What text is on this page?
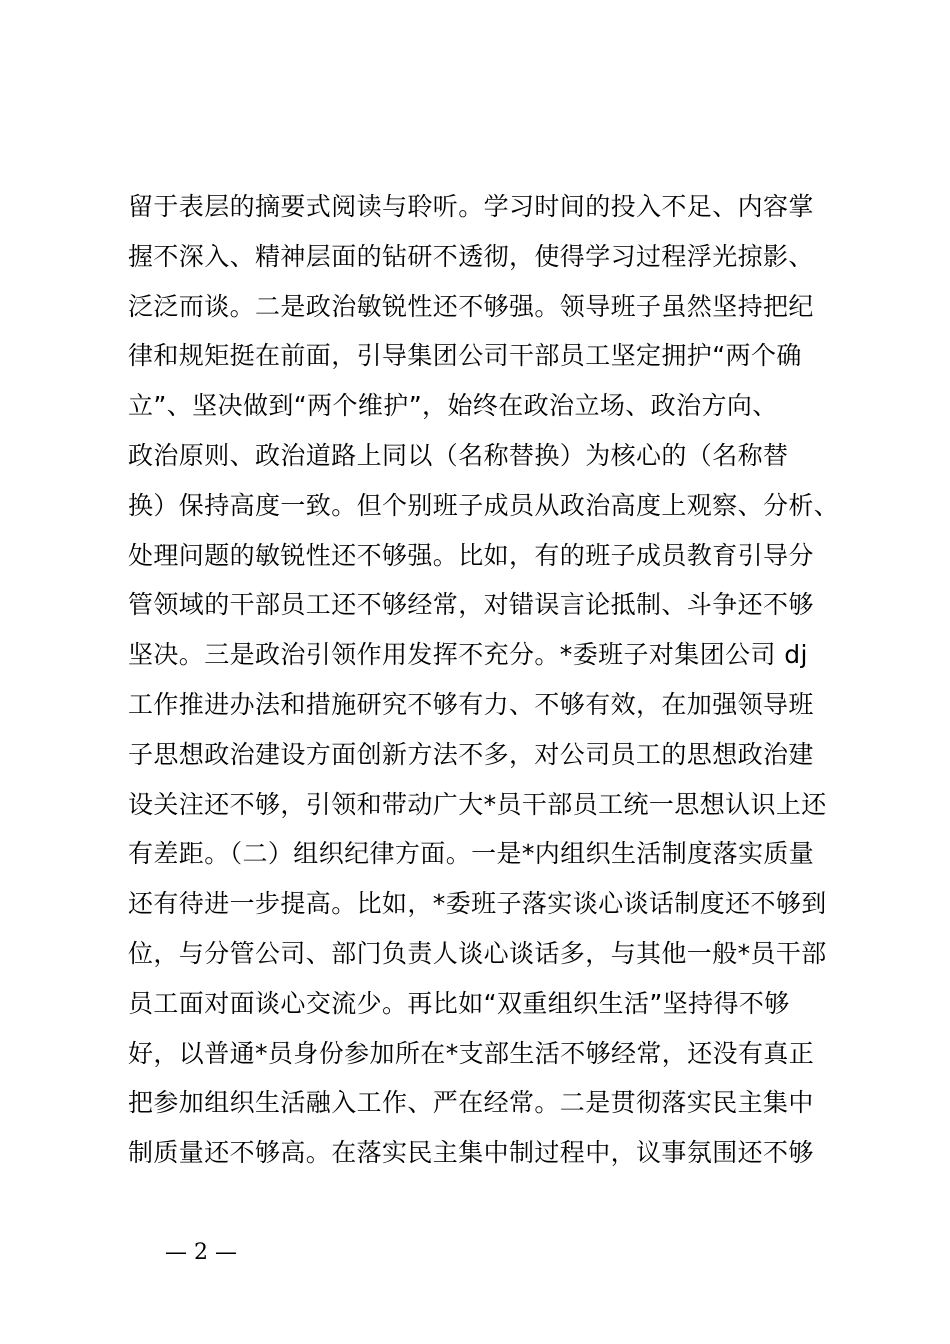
留于表层的摘要式阅读与聆听。学习时间的投入不足、内容掌
握不深入、精神层面的钻研不透彻，使得学习过程浮光掠影、
泛泛而谈。二是政治敏锐性还不够强。领导班子虽然坚持把纪
律和规矩挺在前面，引导集团公司干部员工坚定拥护“两个确
立”、坚决做到“两个维护”，始终在政治立场、政治方向、
政治原则、政治道路上同以（名称替换）为核心的（名称替
换）保持高度一致。但个别班子成员从政治高度上观察、分析、
处理问题的敏锐性还不够强。比如，有的班子成员教育引导分
管领域的干部员工还不够经常，对错误言论抵制、斗争还不够
坚决。三是政治引领作用发挥不充分。*委班子对集团公司 dj
工作推进办法和措施研究不够有力、不够有效，在加强领导班
子思想政治建设方面创新方法不多，对公司员工的思想政治建
设关注还不够，引领和带动广大*员干部员工统一思想认识上还
有差距。（二）组织纪律方面。一是*内组织生活制度落实质量
还有待进一步提高。比如，*委班子落实谈心谈话制度还不够到
位，与分管公司、部门负责人谈心谈话多，与其他一般*员干部
员工面对面谈心交流少。再比如“双重组织生活”坚持得不够
好，以普通*员身份参加所在*支部生活不够经常，还没有真正
把参加组织生活融入工作、严在经常。二是贯彻落实民主集中
制质量还不够高。在落实民主集中制过程中，议事氛围还不够
— 2 —
